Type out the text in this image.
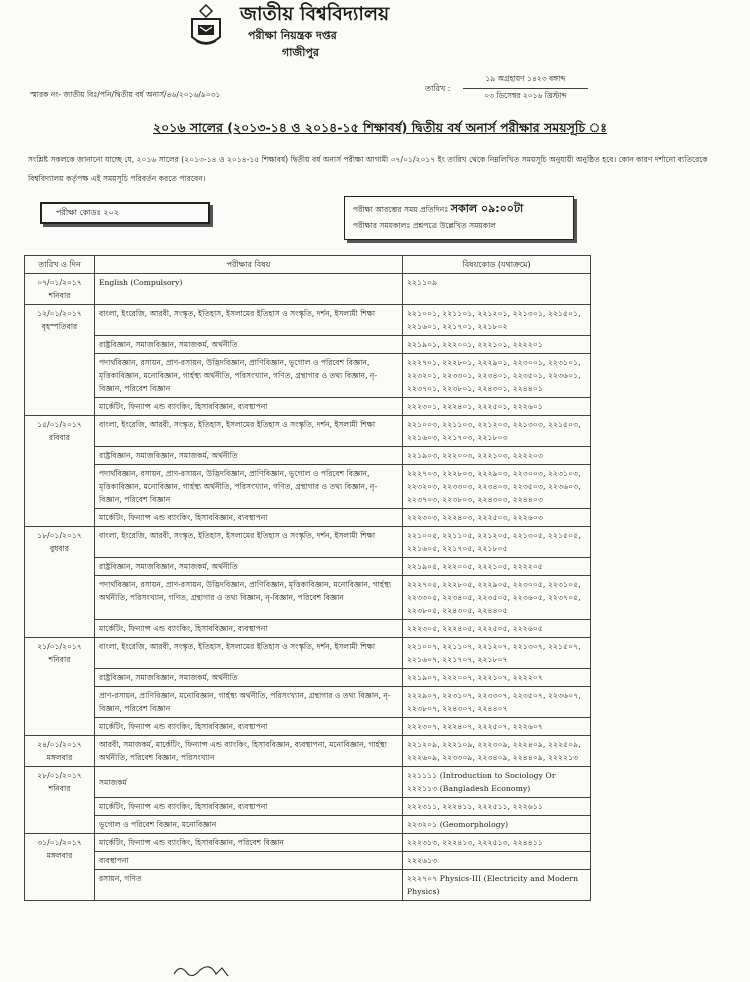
জাতীয় বিশ্ববিদ্যালয়
পরীক্ষা নিয়ন্ত্রক দপ্তর
গাজীপুর
স্মারক নং- জাতীয় বিঃ/পনি/দ্বিতীয় বর্ষ অনার্স/৪৬/২০১৬/৯০৩১
তারিখ :
১৯ অগ্রহায়ণ ১৪২৩ বঙ্গাব্দ
০৩ ডিসেম্বর ২০১৬ খ্রিস্টাব্দ
২০১৬ সালের (২০১৩-১৪ ও ২০১৪-১৫ শিক্ষাবর্ষ) দ্বিতীয় বর্ষ অনার্স পরীক্ষার সময়সূচি ঃ
সংশ্লিষ্ট সকলকে জানানো যাচ্ছে যে, ২০১৬ সালের (২০১৩-১৪ ও ২০১৪-১৫ শিক্ষাবর্ষ) দ্বিতীয় বর্ষ অনার্স পরীক্ষা আগামী ০৭/০১/২০১৭ ইং তারিখ থেকে নিম্নলিখিত সময়সূচি অনুযায়ী অনুষ্ঠিত হবে। কোন কারণ দর্শানো ব্যতিরেকে বিশ্ববিদ্যালয় কর্তৃপক্ষ এই সময়সূচি পরিবর্তন করতে পারবেন।
পরীক্ষা কোডঃ ২০২	পরীক্ষা আরম্ভের সময় প্রতিদিনঃ সকাল ০৯:০০টা
পরীক্ষার সময়কালঃ প্রশ্নপত্রে উল্লেখিত সময়কাল
তারিখ ও দিন	পরীক্ষার বিষয়	বিষয়কোড (যথাক্রমে)

০৭/০১/২০১৭
শনিবার	English (Compulsory)	২২১১০৯

১২/০১/২০১৭
বৃহস্পতিবার	বাংলা, ইংরেজি, আরবী, সংস্কৃত, ইতিহাস, ইসলামের ইতিহাস ও সংস্কৃতি, দর্শন, ইসলামী শিক্ষা	২২১০০১, ২২১১০১, ২২১২০১, ২২১৩০১, ২২১৫০১, ২২১৬০১, ২২১৭০১, ২২১৮০২
	রাষ্ট্রবিজ্ঞান, সমাজবিজ্ঞান, সমাজকর্ম, অর্থনীতি	২২১৯০১, ২২২০০১, ২২২১০১, ২২২২০১
	পদার্থবিজ্ঞান, রসায়ন, প্রাণ-রসায়ন, উদ্ভিদবিজ্ঞান, প্রাণিবিজ্ঞান, ভূগোল ও পরিবেশ বিজ্ঞান, মৃত্তিকাবিজ্ঞান, মনোবিজ্ঞান, গার্হস্থ্য অর্থনীতি, পরিসংখ্যান, গণিত, গ্রন্থাগার ও তথ্য বিজ্ঞান, নৃ-বিজ্ঞান, পরিবেশ বিজ্ঞান	২২২৭০১, ২২২৮০১, ২২২৯০১, ২২৩০০১, ২২৩১০১, ২২৩২০১, ২২৩৩০১, ২২৩৪০১, ২২৩৫০১, ২২৩৬০১, ২২৩৭০১, ২২৩৮০১, ২২৪৩০১, ২২৪৪০১
	মার্কেটিং, ফিন্যান্স এন্ড ব্যাংকিং, হিসাববিজ্ঞান, ব্যবস্থাপনা	২২২৩০১, ২২২৪০১, ২২২৫০১, ২২২৬০১

১৫/০১/২০১৭
রবিবার	বাংলা, ইংরেজি, আরবী, সংস্কৃত, ইতিহাস, ইসলামের ইতিহাস ও সংস্কৃতি, দর্শন, ইসলামী শিক্ষা	২২১০০৩, ২২১১০৩, ২২১২০৩, ২২১৩০৩, ২২১৫০৩, ২২১৬০৩, ২২১৭০৩, ২২১৮০৩
	রাষ্ট্রবিজ্ঞান, সমাজবিজ্ঞান, সমাজকর্ম, অর্থনীতি	২২১৯০৩, ২২২০০৩, ২২২১০৩, ২২২২০৩
	পদার্থবিজ্ঞান, রসায়ন, প্রাণ-রসায়ন, উদ্ভিদবিজ্ঞান, প্রাণিবিজ্ঞান, ভূগোল ও পরিবেশ বিজ্ঞান, মৃত্তিকাবিজ্ঞান, মনোবিজ্ঞান, গার্হস্থ্য অর্থনীতি, পরিসংখ্যান, গণিত, গ্রন্থাগার ও তথ্য বিজ্ঞান, নৃ-বিজ্ঞান, পরিবেশ বিজ্ঞান	২২২৭০৩, ২২২৮০৩, ২২২৯০৩, ২২৩০০৩, ২২৩১০৩, ২২৩২০৩, ২২৩৩০৩, ২২৩৪০৩, ২২৩৫০৩, ২২৩৬০৩, ২২৩৭০৩, ২২৩৮০৩, ২২৪৩০৩, ২২৪৪০৩
	মার্কেটিং, ফিন্যান্স এন্ড ব্যাংকিং, হিসাববিজ্ঞান, ব্যবস্থাপনা	২২২৩০৩, ২২২৪০৩, ২২২৫০৩, ২২২৬০৩

১৮/০১/২০১৭
বুধবার	বাংলা, ইংরেজি, আরবী, সংস্কৃত, ইতিহাস, ইসলামের ইতিহাস ও সংস্কৃতি, দর্শন, ইসলামী শিক্ষা	২২১০০৫, ২২১১০৫, ২২১২০৫, ২২১৩০৫, ২২১৫০৫, ২২১৬০৫, ২২১৭০৫, ২২১৮০৫
	রাষ্ট্রবিজ্ঞান, সমাজবিজ্ঞান, সমাজকর্ম, অর্থনীতি	২২১৯০৫, ২২২০০৫, ২২২১০৫, ২২২২০৫
	পদার্থবিজ্ঞান, রসায়ন, প্রাণ-রসায়ন, উদ্ভিদবিজ্ঞান, প্রাণিবিজ্ঞান, মৃত্তিকাবিজ্ঞান, মনোবিজ্ঞান, গার্হস্থ্য অর্থনীতি, পরিসংখ্যান, গণিত, গ্রন্থাগার ও তথ্য বিজ্ঞান, নৃ-বিজ্ঞান, পরিবেশ বিজ্ঞান	২২২৭০৫, ২২২৮০৫, ২২২৯০৫, ২২৩০০৫, ২২৩১০৫, ২২৩৩০৫, ২২৩৪০৫, ২২৩৫০৫, ২২৩৬০৫, ২২৩৭০৫, ২২৩৮০৫, ২২৪৩০৫, ২২৪৪০৫
	মার্কেটিং, ফিন্যান্স এন্ড ব্যাংকিং, হিসাববিজ্ঞান, ব্যবস্থাপনা	২২২৩০৫, ২২২৪০৫, ২২২৫০৫, ২২২৬০৫

২১/০১/২০১৭
শনিবার	বাংলা, ইংরেজি, আরবী, সংস্কৃত, ইতিহাস, ইসলামের ইতিহাস ও সংস্কৃতি, দর্শন, ইসলামী শিক্ষা	২২১০০৭, ২২১১০৭, ২২১২০৭, ২২১৩০৭, ২২১৫০৭, ২২১৬০৭, ২২১৭০৭, ২২১৮০৭
	রাষ্ট্রবিজ্ঞান, সমাজবিজ্ঞান, সমাজকর্ম, অর্থনীতি	২২১৯০৭, ২২২০০৭, ২২২১০৭, ২২২২০৭
	প্রাণ-রসায়ন, প্রাণিবিজ্ঞান, মনোবিজ্ঞান, গার্হস্থ্য অর্থনীতি, পরিসংখ্যান, গ্রন্থাগার ও তথ্য বিজ্ঞান, নৃ-বিজ্ঞান, পরিবেশ বিজ্ঞান	২২২৯০৭, ২২৩১০৭, ২২৩৩০৭, ২২৩৫০৭, ২২৩৬০৭, ২২৩৮০৭, ২২৪৩০৭, ২২৪৪০৭
	মার্কেটিং, ফিন্যান্স এন্ড ব্যাংকিং, হিসাববিজ্ঞান, ব্যবস্থাপনা	২২২৩০৭, ২২২৪০৭, ২২২৫০৭, ২২২৬০৭

২৪/০১/২০১৭
মঙ্গলবার	আরবী, সমাজকর্ম, মার্কেটিং, ফিন্যান্স এন্ড ব্যাংকিং, হিসাববিজ্ঞান, ব্যবস্থাপনা, মনোবিজ্ঞান, গার্হস্থ্য অর্থনীতি, পরিবেশ বিজ্ঞান, পরিসংখ্যান	২২১২০৯, ২২২১০৯, ২২২৩০৯, ২২২৪০৯, ২২২৫০৯, ২২২৬০৯, ২২৩৩০৯, ২২৩৪০৯, ২২৪৪০৯, ২২২২১৩

২৮/০১/২০১৭
শনিবার	সমাজকর্ম	২২১১১১ (Introduction to Sociology Or ২২২১১৩ (Bangladesh Economy)
	মার্কেটিং, ফিন্যান্স এন্ড ব্যাংকিং, হিসাববিজ্ঞান, ব্যবস্থাপনা	২২২৩১১, ২২২৪১১, ২২২৫১১, ২২২৬১১
	ভূগোল ও পরিবেশ বিজ্ঞান, মনোবিজ্ঞান	২২৩২০১ (Geomorphology)

৩১/০১/২০১৭
মঙ্গলবার	মার্কেটিং, ফিন্যান্স এন্ড ব্যাংকিং, হিসাববিজ্ঞান, পরিবেশ বিজ্ঞান	২২২৩১৩, ২২২৪১৩, ২২২৫১৩, ২২৪৪১১
	ব্যবস্থাপনা	২২২৬১৩
	রসায়ন, গণিত	২২২৭০৭ Physics-III (Electricity and Modern Physics)
